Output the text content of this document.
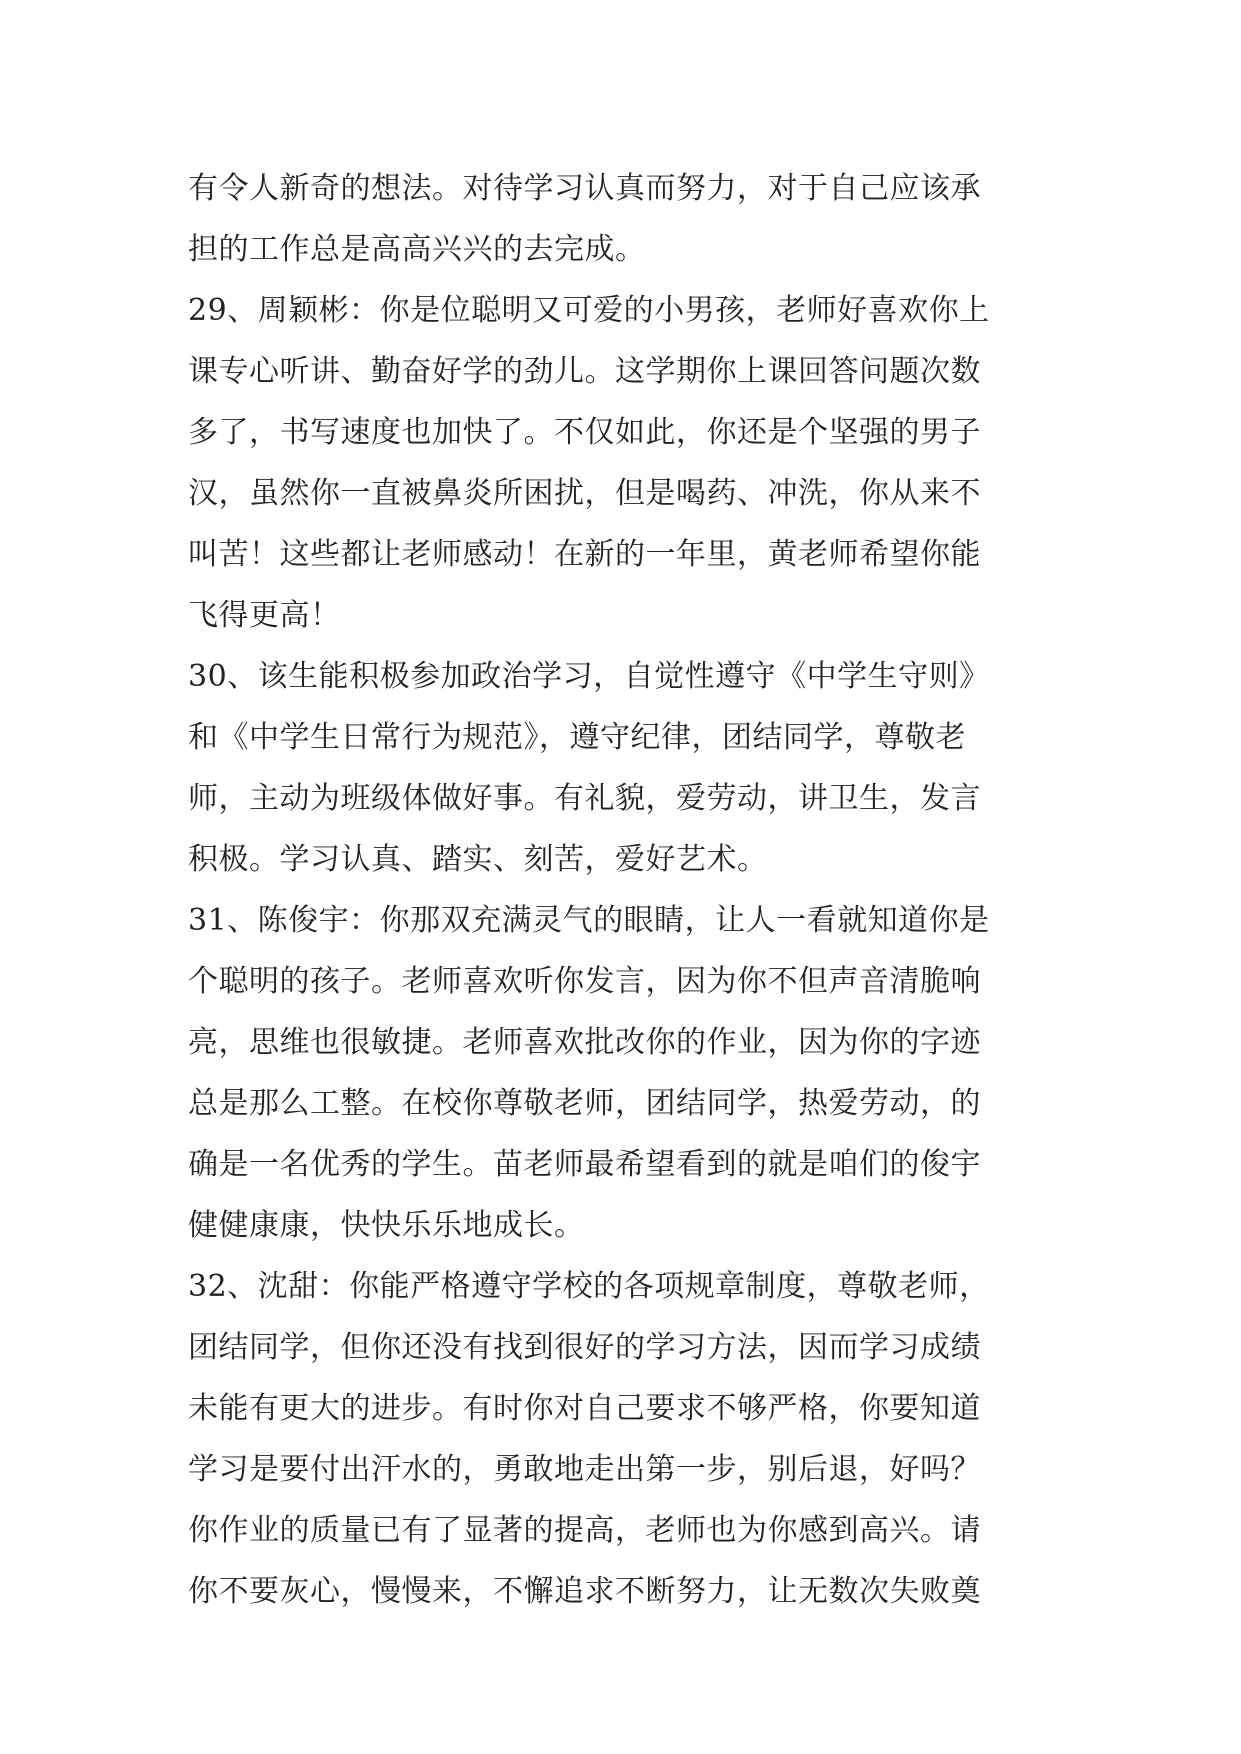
有令人新奇的想法。对待学习认真而努力，对于自己应该承
担的工作总是高高兴兴的去完成。
29、周颖彬：你是位聪明又可爱的小男孩，老师好喜欢你上
课专心听讲、勤奋好学的劲儿。这学期你上课回答问题次数
多了，书写速度也加快了。不仅如此，你还是个坚强的男子
汉，虽然你一直被鼻炎所困扰，但是喝药、冲洗，你从来不
叫苦！这些都让老师感动！在新的一年里，黄老师希望你能
飞得更高！
30、该生能积极参加政治学习，自觉性遵守《中学生守则》
和《中学生日常行为规范》，遵守纪律，团结同学，尊敬老
师，主动为班级体做好事。有礼貌，爱劳动，讲卫生，发言
积极。学习认真、踏实、刻苦，爱好艺术。
31、陈俊宇：你那双充满灵气的眼睛，让人一看就知道你是
个聪明的孩子。老师喜欢听你发言，因为你不但声音清脆响
亮，思维也很敏捷。老师喜欢批改你的作业，因为你的字迹
总是那么工整。在校你尊敬老师，团结同学，热爱劳动，的
确是一名优秀的学生。苗老师最希望看到的就是咱们的俊宇
健健康康，快快乐乐地成长。
32、沈甜：你能严格遵守学校的各项规章制度，尊敬老师，
团结同学，但你还没有找到很好的学习方法，因而学习成绩
未能有更大的进步。有时你对自己要求不够严格，你要知道
学习是要付出汗水的，勇敢地走出第一步，别后退，好吗？
你作业的质量已有了显著的提高，老师也为你感到高兴。请
你不要灰心，慢慢来，不懈追求不断努力，让无数次失败奠
